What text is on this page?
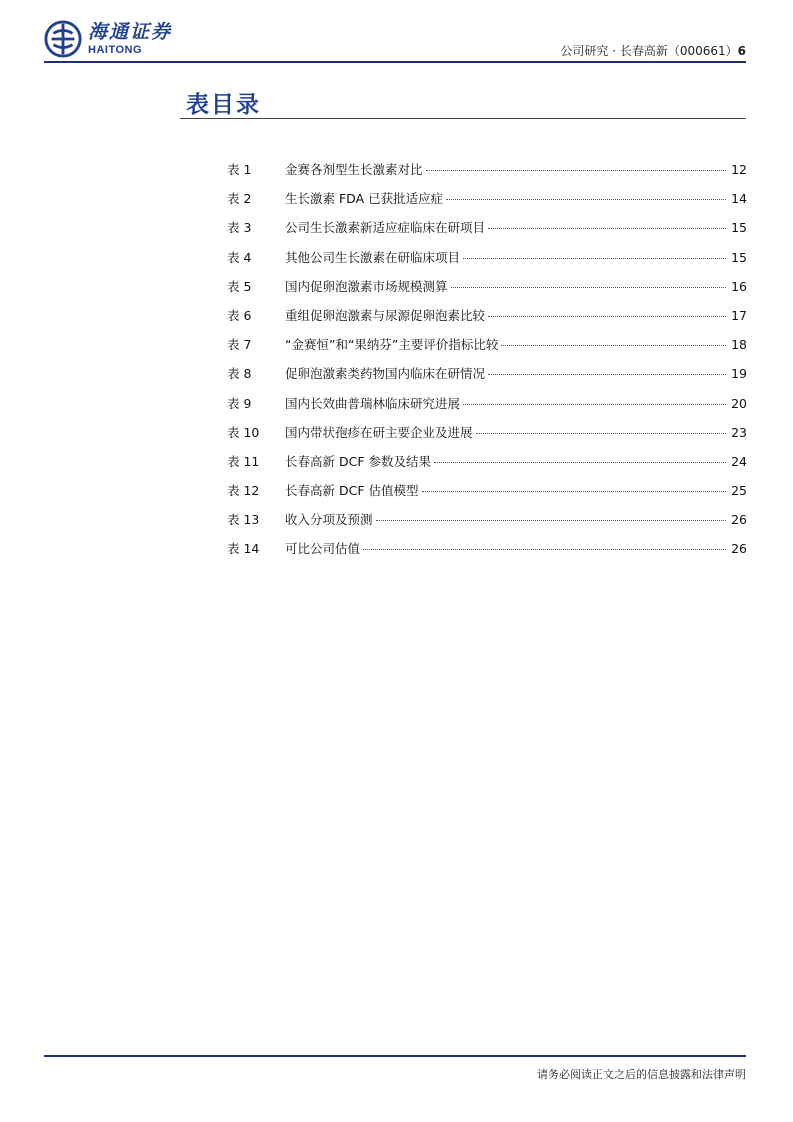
海通证券
HAITONG	公司研究 · 长春高新（000661）6
表目录
表 1	金赛各剂型生长激素对比	12
表 2	生长激素 FDA 已获批适应症	14
表 3	公司生长激素新适应症临床在研项目	15
表 4	其他公司生长激素在研临床项目	15
表 5	国内促卵泡激素市场规模测算	16
表 6	重组促卵泡激素与尿源促卵泡素比较	17
表 7	“金赛恒”和“果纳芬”主要评价指标比较	18
表 8	促卵泡激素类药物国内临床在研情况	19
表 9	国内长效曲普瑞林临床研究进展	20
表 10	国内带状孢疹在研主要企业及进展	23
表 11	长春高新 DCF 参数及结果	24
表 12	长春高新 DCF 估值模型	25
表 13	收入分项及预测	26
表 14	可比公司估值	26
请务必阅读正文之后的信息披露和法律声明
